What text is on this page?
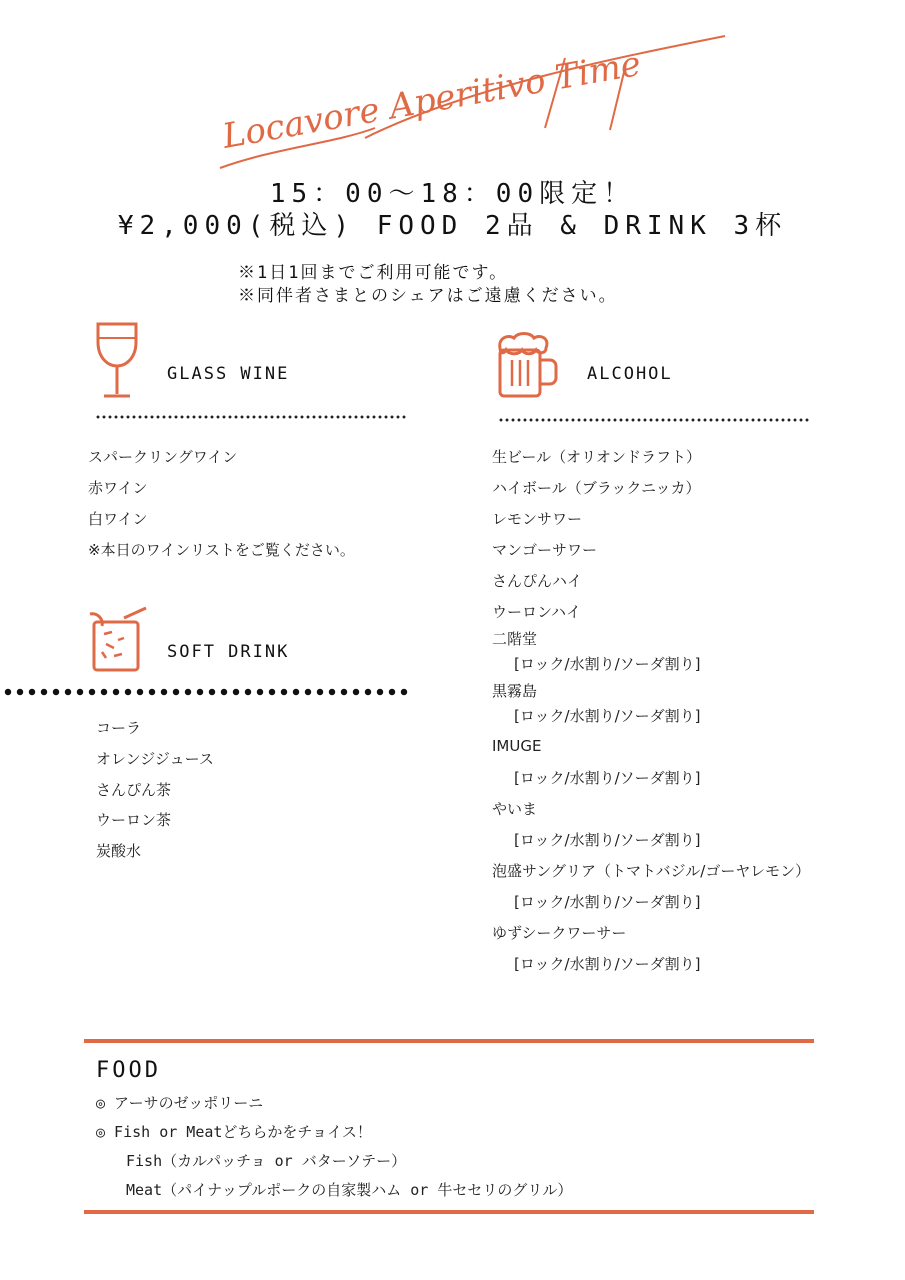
Locavore Aperitivo Time
15：00～18：00限定！
¥2,000(税込) FOOD 2品 & DRINK 3杯
※1日1回までご利用可能です。
※同伴者さまとのシェアはご遠慮ください。
GLASS WINE
スパークリングワイン
赤ワイン
白ワイン
※本日のワインリストをご覧ください。
SOFT DRINK
コーラ
オレンジジュース
さんぴん茶
ウーロン茶
炭酸水
ALCOHOL
生ビール（オリオンドラフト）
ハイボール（ブラックニッカ）
レモンサワー
マンゴーサワー
さんぴんハイ
ウーロンハイ
二階堂
[ロック/水割り/ソーダ割り]
黒霧島
[ロック/水割り/ソーダ割り]
IMUGE
[ロック/水割り/ソーダ割り]
やいま
[ロック/水割り/ソーダ割り]
泡盛サングリア（トマトバジル/ゴーヤレモン）
[ロック/水割り/ソーダ割り]
ゆずシークワーサー
[ロック/水割り/ソーダ割り]
FOOD
◎ アーサのゼッポリーニ
◎ Fish or Meatどちらかをチョイス！
Fish（カルパッチョ or バターソテー）
Meat（パイナップルポークの自家製ハム or 牛セセリのグリル）
